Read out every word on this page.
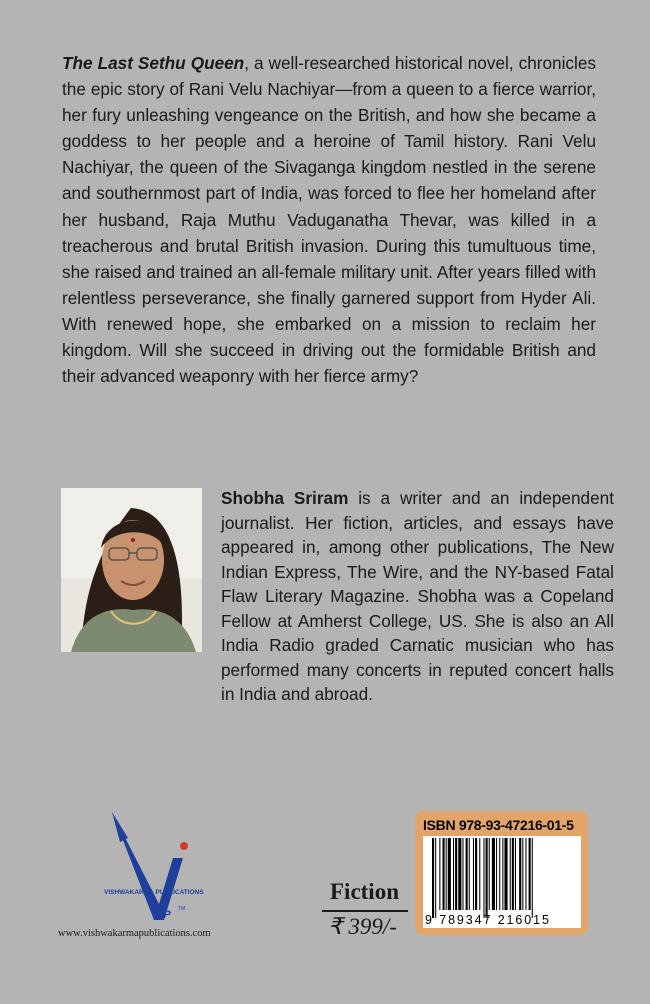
The Last Sethu Queen, a well-researched historical novel, chronicles the epic story of Rani Velu Nachiyar—from a queen to a fierce warrior, her fury unleashing vengeance on the British, and how she became a goddess to her people and a heroine of Tamil history. Rani Velu Nachiyar, the queen of the Sivaganga kingdom nestled in the serene and southernmost part of India, was forced to flee her homeland after her husband, Raja Muthu Vaduganatha Thevar, was killed in a treacherous and brutal British invasion. During this tumultuous time, she raised and trained an all-female military unit. After years filled with relentless perseverance, she finally garnered support from Hyder Ali. With renewed hope, she embarked on a mission to reclaim her kingdom. Will she succeed in driving out the formidable British and their advanced weaponry with her fierce army?

Shobha Sriram is a writer and an independent journalist. Her fiction, articles, and essays have appeared in, among other publications, The New Indian Express, The Wire, and the NY-based Fatal Flaw Literary Magazine. Shobha was a Copeland Fellow at Amherst College, US. She is also an All India Radio graded Carnatic musician who has performed many concerts in reputed concert halls in India and abroad.

VISHWAKARMA PUBLICATIONS
VP TM
www.vishwakarmapublications.com
Fiction
₹ 399/-
ISBN 978-93-47216-01-5
9 789347 216015
